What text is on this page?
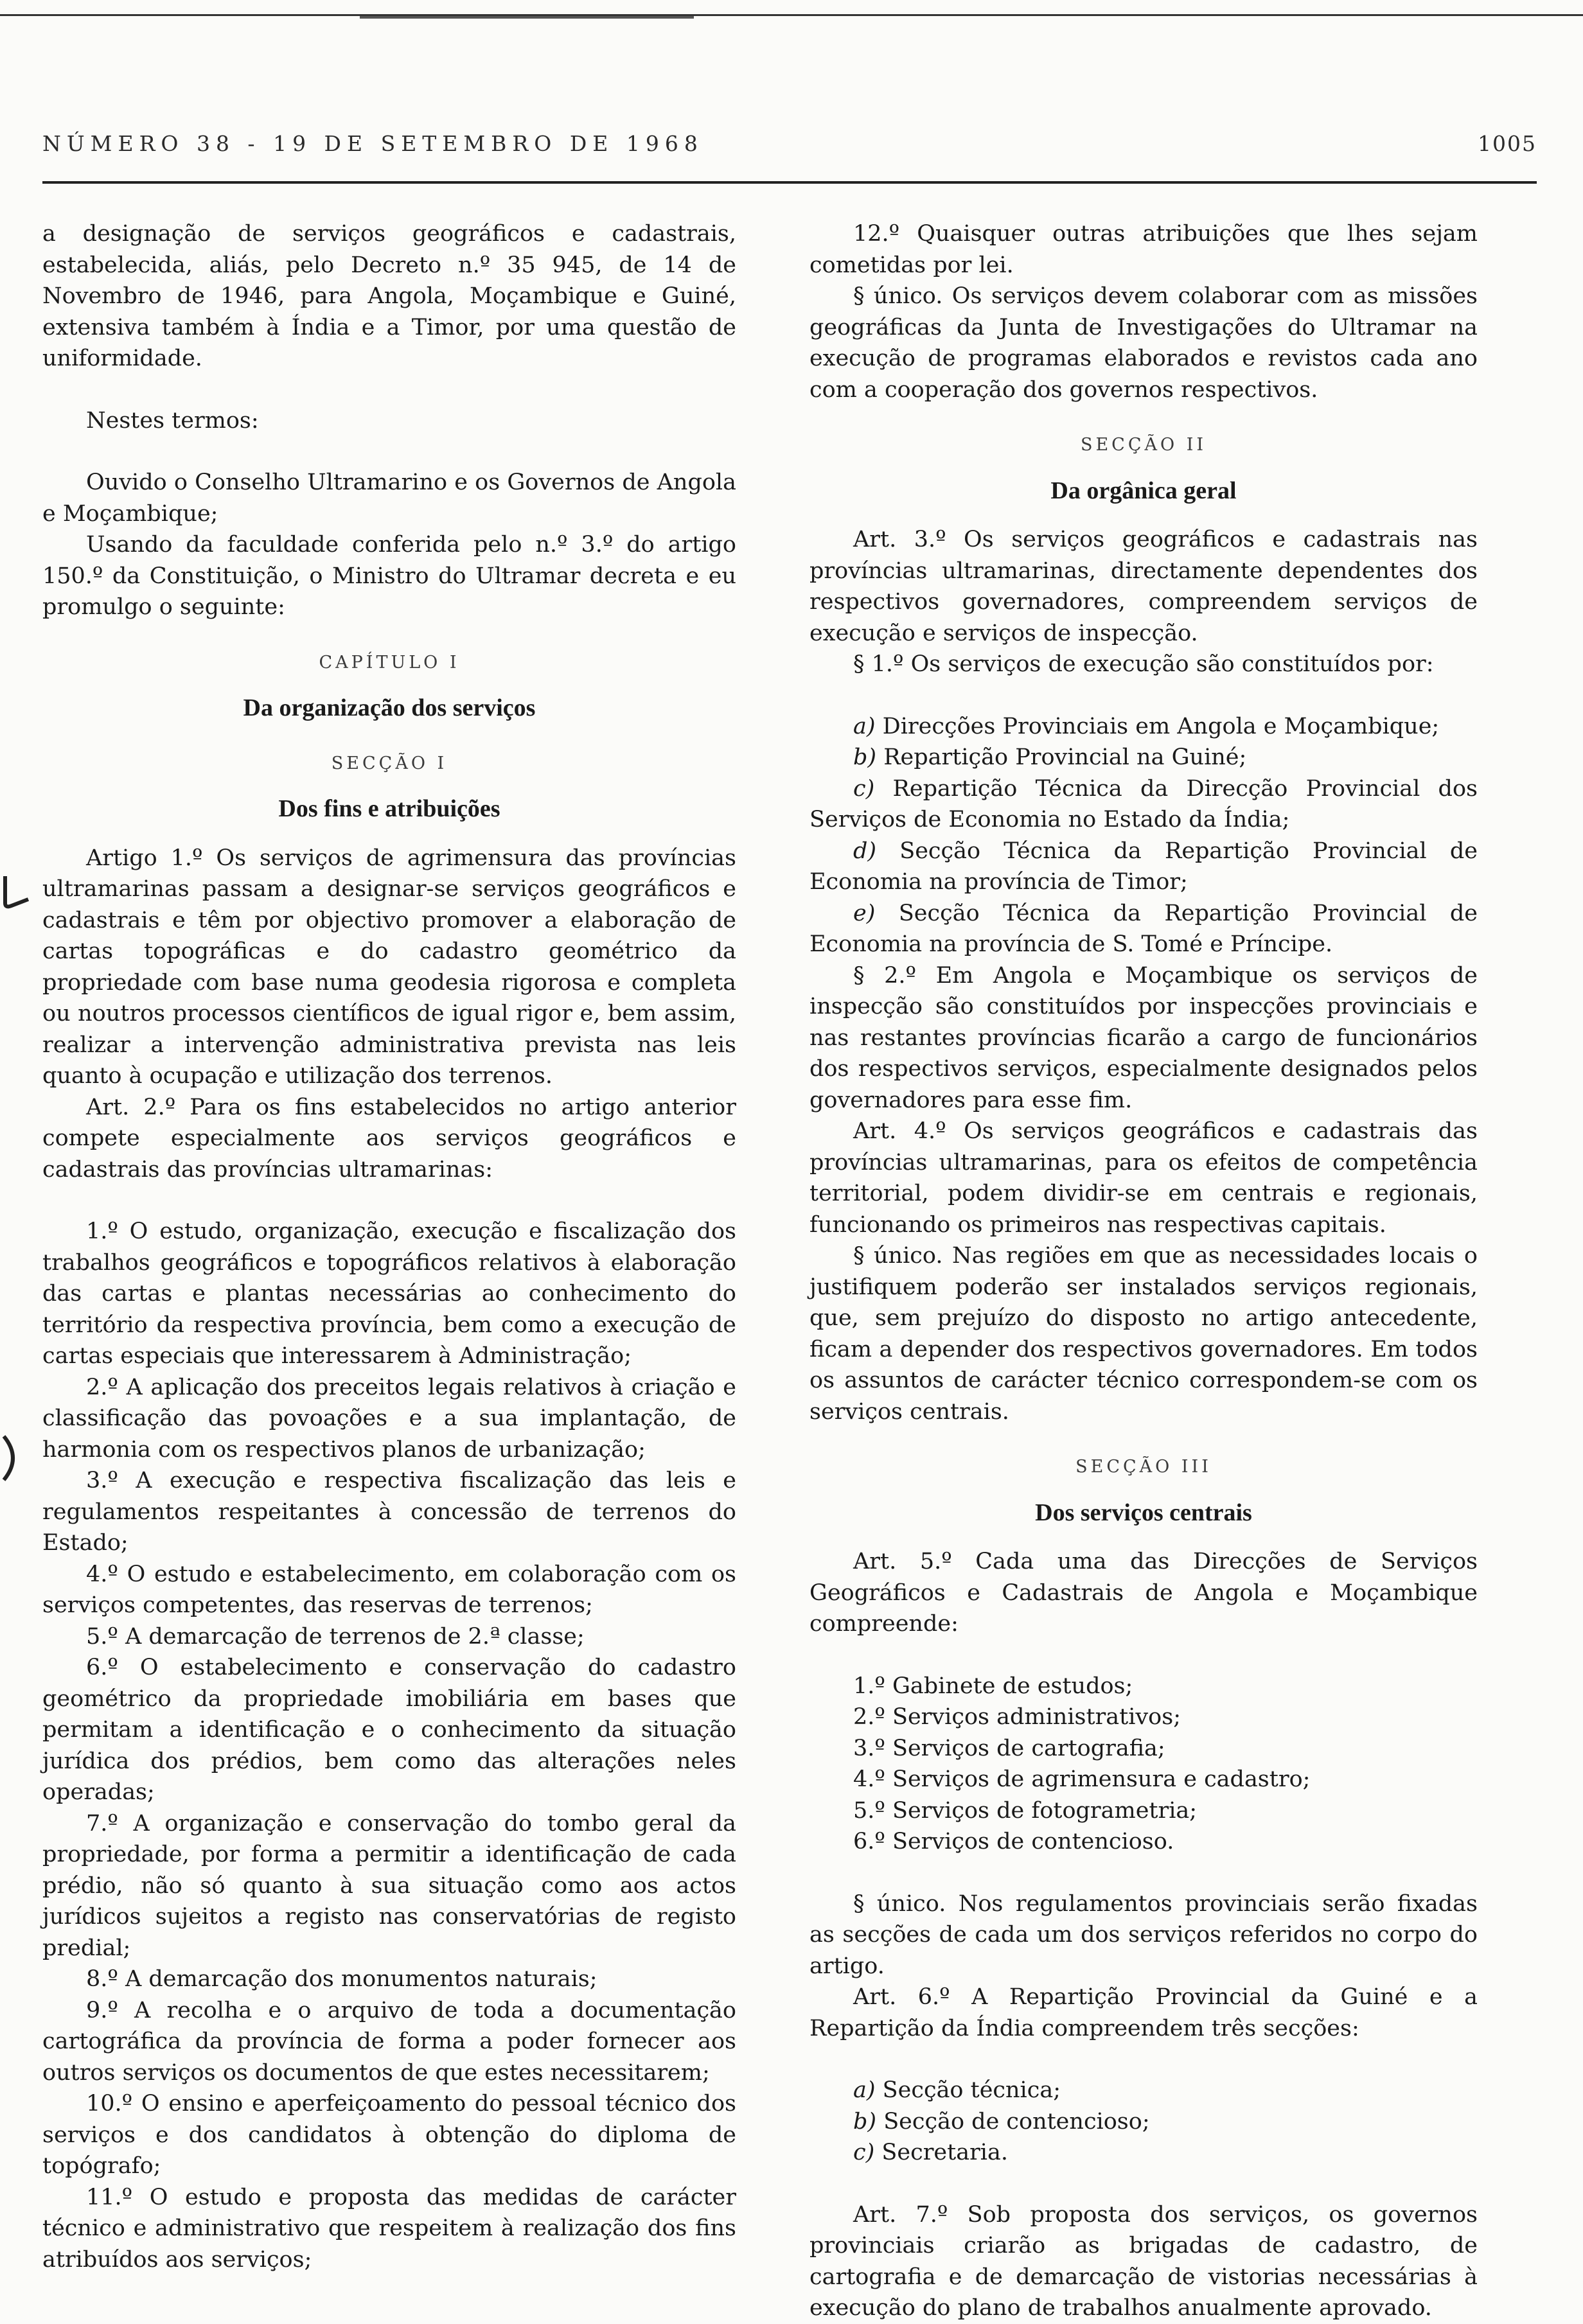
NÚMERO 38 - 19 DE SETEMBRO DE 1968	1005

a designação de serviços geográficos e cadastrais, estabelecida, aliás, pelo Decreto n.º 35 945, de 14 de Novembro de 1946, para Angola, Moçambique e Guiné, extensiva também à Índia e a Timor, por uma questão de uniformidade.

Nestes termos:

Ouvido o Conselho Ultramarino e os Governos de Angola e Moçambique;

Usando da faculdade conferida pelo n.º 3.º do artigo 150.º da Constituição, o Ministro do Ultramar decreta e eu promulgo o seguinte:

CAPÍTULO I
Da organização dos serviços
SECÇÃO I
Dos fins e atribuições

Artigo 1.º Os serviços de agrimensura das províncias ultramarinas passam a designar-se serviços geográficos e cadastrais e têm por objectivo promover a elaboração de cartas topográficas e do cadastro geométrico da propriedade com base numa geodesia rigorosa e completa ou noutros processos científicos de igual rigor e, bem assim, realizar a intervenção administrativa prevista nas leis quanto à ocupação e utilização dos terrenos.

Art. 2.º Para os fins estabelecidos no artigo anterior compete especialmente aos serviços geográficos e cadastrais das províncias ultramarinas:

1.º O estudo, organização, execução e fiscalização dos trabalhos geográficos e topográficos relativos à elaboração das cartas e plantas necessárias ao conhecimento do território da respectiva província, bem como a execução de cartas especiais que interessarem à Administração;

2.º A aplicação dos preceitos legais relativos à criação e classificação das povoações e a sua implantação, de harmonia com os respectivos planos de urbanização;

3.º A execução e respectiva fiscalização das leis e regulamentos respeitantes à concessão de terrenos do Estado;

4.º O estudo e estabelecimento, em colaboração com os serviços competentes, das reservas de terrenos;

5.º A demarcação de terrenos de 2.ª classe;

6.º O estabelecimento e conservação do cadastro geométrico da propriedade imobiliária em bases que permitam a identificação e o conhecimento da situação jurídica dos prédios, bem como das alterações neles operadas;

7.º A organização e conservação do tombo geral da propriedade, por forma a permitir a identificação de cada prédio, não só quanto à sua situação como aos actos jurídicos sujeitos a registo nas conservatórias de registo predial;

8.º A demarcação dos monumentos naturais;

9.º A recolha e o arquivo de toda a documentação cartográfica da província de forma a poder fornecer aos outros serviços os documentos de que estes necessitarem;

10.º O ensino e aperfeiçoamento do pessoal técnico dos serviços e dos candidatos à obtenção do diploma de topógrafo;

11.º O estudo e proposta das medidas de carácter técnico e administrativo que respeitem à realização dos fins atribuídos aos serviços;

12.º Quaisquer outras atribuições que lhes sejam cometidas por lei.

§ único. Os serviços devem colaborar com as missões geográficas da Junta de Investigações do Ultramar na execução de programas elaborados e revistos cada ano com a cooperação dos governos respectivos.

SECÇÃO II
Da orgânica geral

Art. 3.º Os serviços geográficos e cadastrais nas províncias ultramarinas, directamente dependentes dos respectivos governadores, compreendem serviços de execução e serviços de inspecção.

§ 1.º Os serviços de execução são constituídos por:

a) Direcções Provinciais em Angola e Moçambique;

b) Repartição Provincial na Guiné;

c) Repartição Técnica da Direcção Provincial dos Serviços de Economia no Estado da Índia;

d) Secção Técnica da Repartição Provincial de Economia na província de Timor;

e) Secção Técnica da Repartição Provincial de Economia na província de S. Tomé e Príncipe.

§ 2.º Em Angola e Moçambique os serviços de inspecção são constituídos por inspecções provinciais e nas restantes províncias ficarão a cargo de funcionários dos respectivos serviços, especialmente designados pelos governadores para esse fim.

Art. 4.º Os serviços geográficos e cadastrais das províncias ultramarinas, para os efeitos de competência territorial, podem dividir-se em centrais e regionais, funcionando os primeiros nas respectivas capitais.

§ único. Nas regiões em que as necessidades locais o justifiquem poderão ser instalados serviços regionais, que, sem prejuízo do disposto no artigo antecedente, ficam a depender dos respectivos governadores. Em todos os assuntos de carácter técnico correspondem-se com os serviços centrais.

SECÇÃO III
Dos serviços centrais

Art. 5.º Cada uma das Direcções de Serviços Geográficos e Cadastrais de Angola e Moçambique compreende:

1.º Gabinete de estudos;

2.º Serviços administrativos;

3.º Serviços de cartografia;

4.º Serviços de agrimensura e cadastro;

5.º Serviços de fotogrametria;

6.º Serviços de contencioso.

§ único. Nos regulamentos provinciais serão fixadas as secções de cada um dos serviços referidos no corpo do artigo.

Art. 6.º A Repartição Provincial da Guiné e a Repartição da Índia compreendem três secções:

a) Secção técnica;

b) Secção de contencioso;

c) Secretaria.

Art. 7.º Sob proposta dos serviços, os governos provinciais criarão as brigadas de cadastro, de cartografia e de demarcação de vistorias necessárias à execução do plano de trabalhos anualmente aprovado.
